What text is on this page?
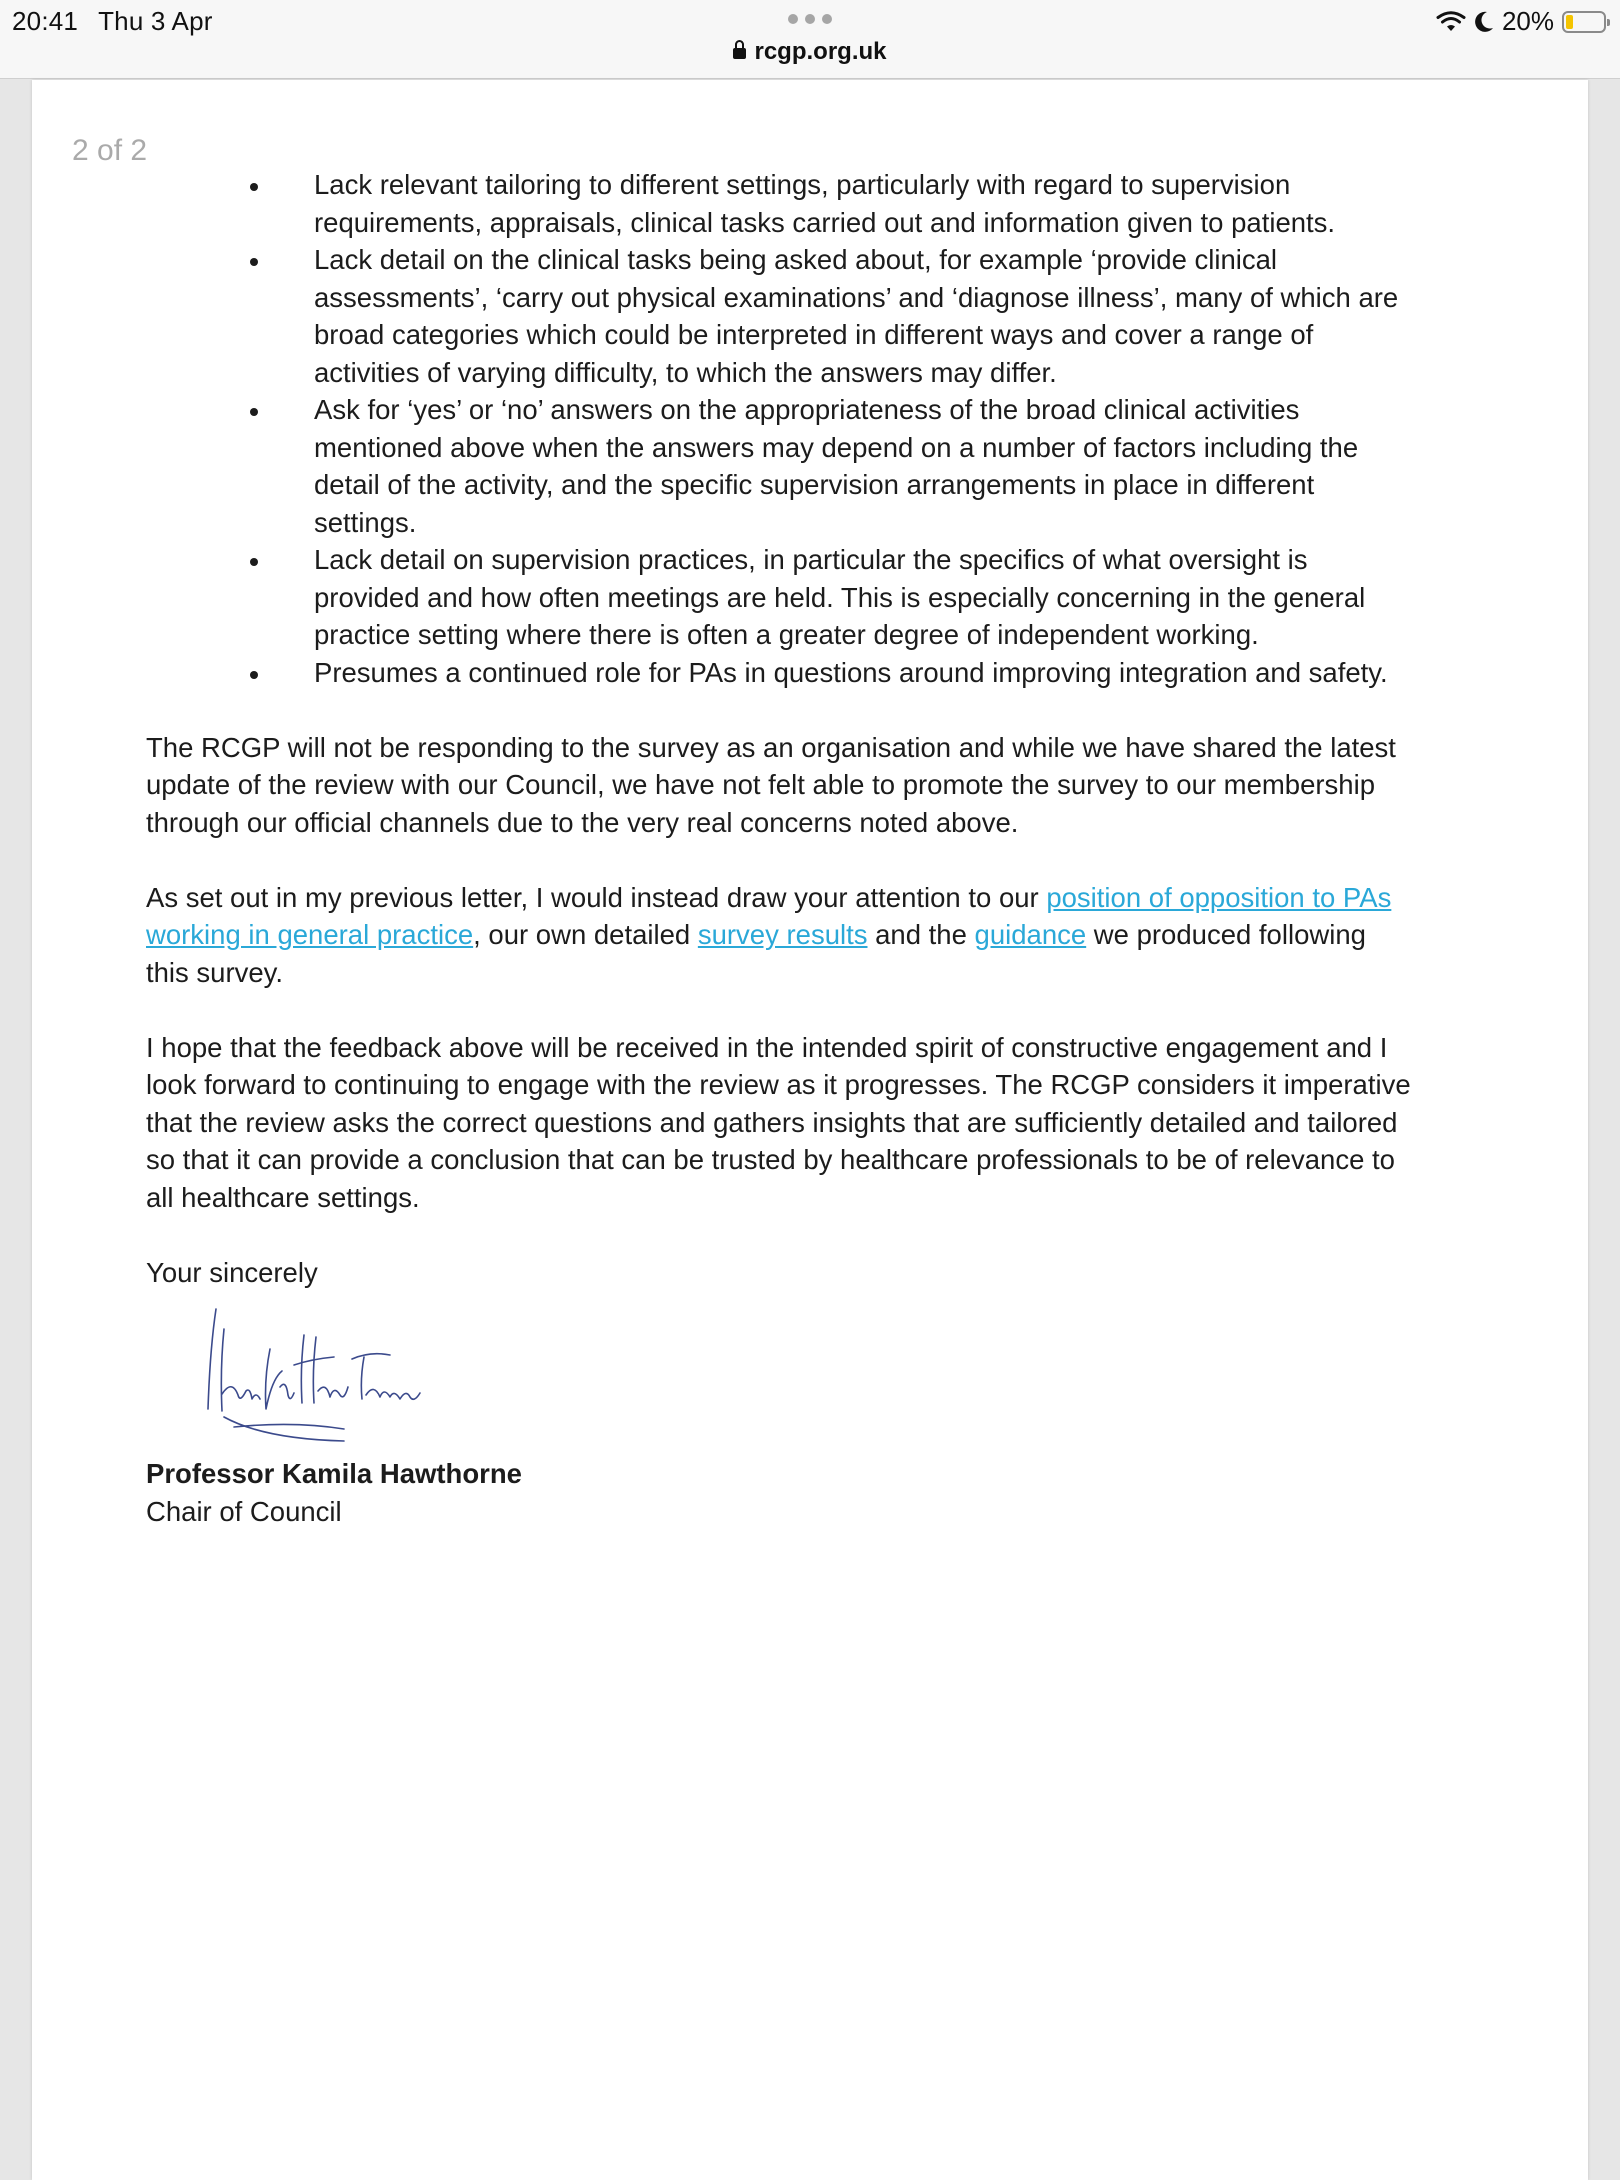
20:41 Thu 3 Apr
rcgp.org.uk
20%
2 of 2
Lack relevant tailoring to different settings, particularly with regard to supervision requirements, appraisals, clinical tasks carried out and information given to patients.
Lack detail on the clinical tasks being asked about, for example ‘provide clinical assessments’, ‘carry out physical examinations’ and ‘diagnose illness’, many of which are broad categories which could be interpreted in different ways and cover a range of activities of varying difficulty, to which the answers may differ.
Ask for ‘yes’ or ‘no’ answers on the appropriateness of the broad clinical activities mentioned above when the answers may depend on a number of factors including the detail of the activity, and the specific supervision arrangements in place in different settings.
Lack detail on supervision practices, in particular the specifics of what oversight is provided and how often meetings are held. This is especially concerning in the general practice setting where there is often a greater degree of independent working.
Presumes a continued role for PAs in questions around improving integration and safety.

The RCGP will not be responding to the survey as an organisation and while we have shared the latest update of the review with our Council, we have not felt able to promote the survey to our membership through our official channels due to the very real concerns noted above.

As set out in my previous letter, I would instead draw your attention to our position of opposition to PAs working in general practice, our own detailed survey results and the guidance we produced following this survey.

I hope that the feedback above will be received in the intended spirit of constructive engagement and I look forward to continuing to engage with the review as it progresses. The RCGP considers it imperative that the review asks the correct questions and gathers insights that are sufficiently detailed and tailored so that it can provide a conclusion that can be trusted by healthcare professionals to be of relevance to all healthcare settings.

Your sincerely
Professor Kamila Hawthorne
Chair of Council
